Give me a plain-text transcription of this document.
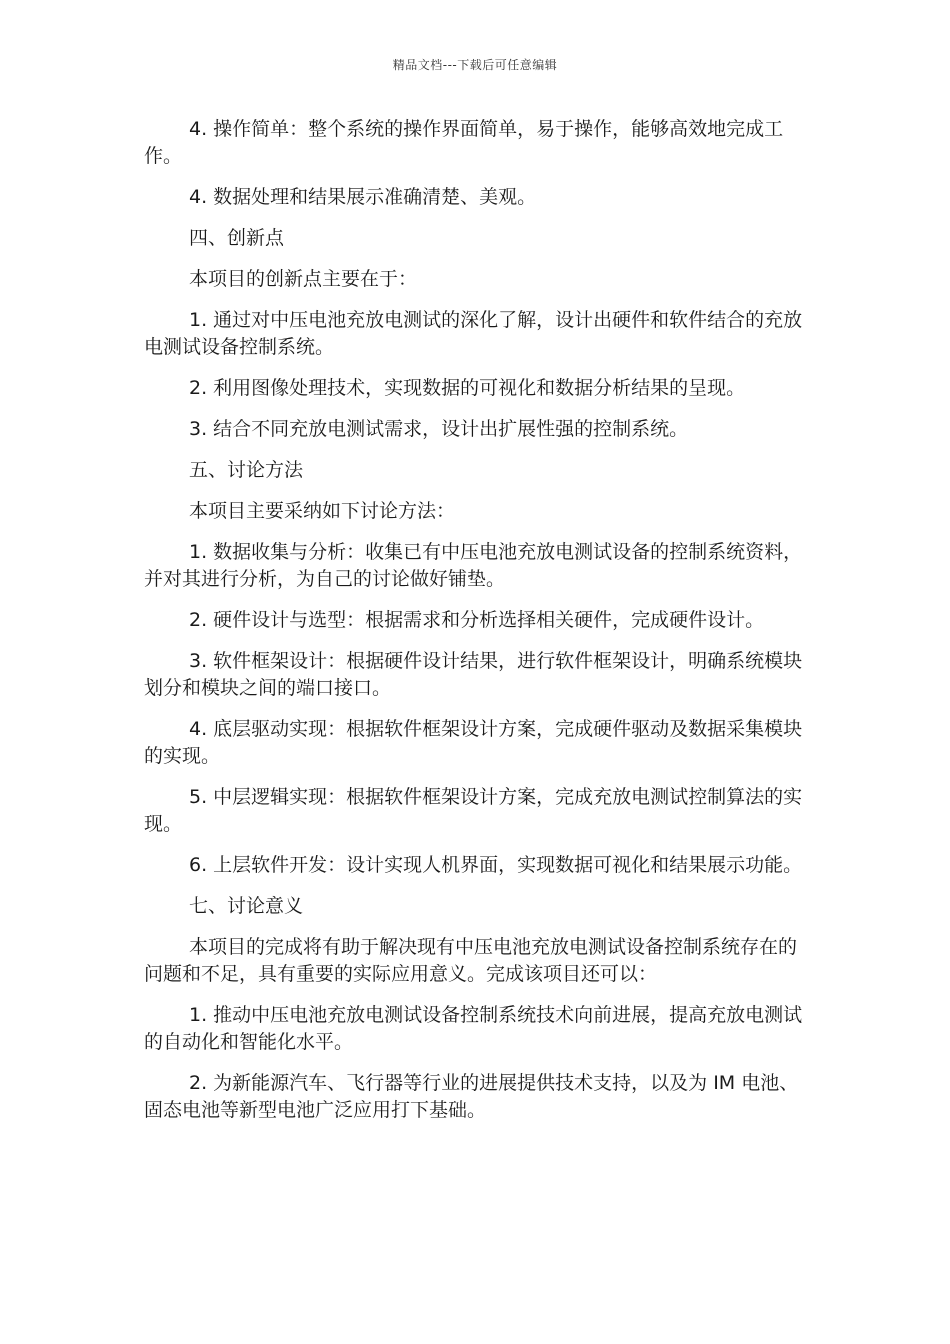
精品文档---下载后可任意编辑

4. 操作简单：整个系统的操作界面简单，易于操作，能够高效地完成工作。

4. 数据处理和结果展示准确清楚、美观。

四、创新点

本项目的创新点主要在于：

1. 通过对中压电池充放电测试的深化了解，设计出硬件和软件结合的充放电测试设备控制系统。

2. 利用图像处理技术，实现数据的可视化和数据分析结果的呈现。

3. 结合不同充放电测试需求，设计出扩展性强的控制系统。

五、讨论方法

本项目主要采纳如下讨论方法：

1. 数据收集与分析：收集已有中压电池充放电测试设备的控制系统资料，并对其进行分析，为自己的讨论做好铺垫。

2. 硬件设计与选型：根据需求和分析选择相关硬件，完成硬件设计。

3. 软件框架设计：根据硬件设计结果，进行软件框架设计，明确系统模块划分和模块之间的端口接口。

4. 底层驱动实现：根据软件框架设计方案，完成硬件驱动及数据采集模块的实现。

5. 中层逻辑实现：根据软件框架设计方案，完成充放电测试控制算法的实现。

6. 上层软件开发：设计实现人机界面，实现数据可视化和结果展示功能。

七、讨论意义

本项目的完成将有助于解决现有中压电池充放电测试设备控制系统存在的问题和不足，具有重要的实际应用意义。完成该项目还可以：

1. 推动中压电池充放电测试设备控制系统技术向前进展，提高充放电测试的自动化和智能化水平。

2. 为新能源汽车、飞行器等行业的进展提供技术支持，以及为 IM 电池、固态电池等新型电池广泛应用打下基础。
